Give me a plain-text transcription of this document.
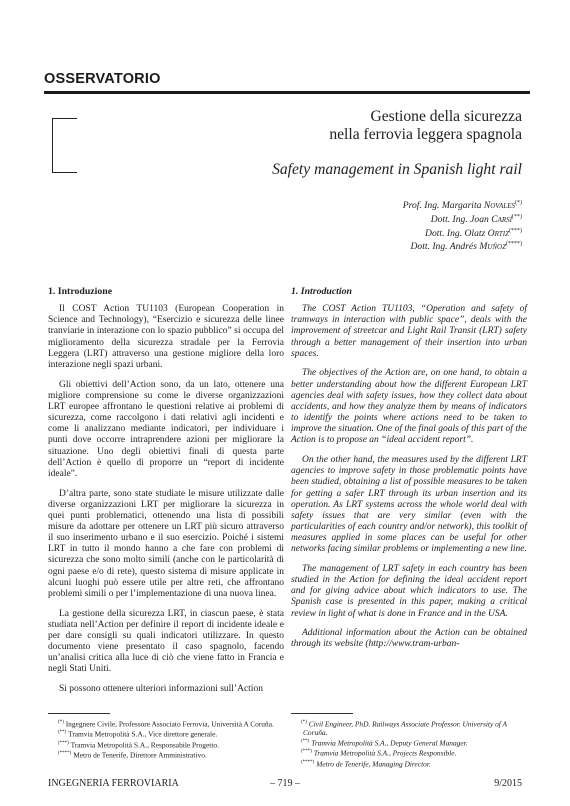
OSSERVATORIO
Gestione della sicurezza
nella ferrovia leggera spagnola
Safety management in Spanish light rail
Prof. Ing. Margarita Novales(*)
Dott. Ing. Joan Carsí(**)
Dott. Ing. Olatz Ortiz(***)
Dott. Ing. Andrés Muñoz(****)
1. Introduzione

Il COST Action TU1103 (European Cooperation in Science and Technology), “Esercizio e sicurezza delle linee tranviarie in interazione con lo spazio pubblico” si occupa del miglioramento della sicurezza stradale per la Ferrovia Leggera (LRT) attraverso una gestione migliore della loro interazione negli spazi urbani.

Gli obiettivi dell’Action sono, da un lato, ottenere una migliore comprensione su come le diverse organizzazioni LRT europee affrontano le questioni relative ai problemi di sicurezza, come raccolgono i dati relativi agli incidenti e come li analizzano mediante indicatori, per individuare i punti dove occorre intraprendere azioni per migliorare la situazione. Uno degli obiettivi finali di questa parte dell’Action è quello di proporre un “report di incidente ideale”.

D’altra parte, sono state studiate le misure utilizzate dalle diverse organizzazioni LRT per migliorare la sicurezza in quei punti problematici, ottenendo una lista di possibili misure da adottare per ottenere un LRT più sicuro attraverso il suo inserimento urbano e il suo esercizio. Poiché i sistemi LRT in tutto il mondo hanno a che fare con problemi di sicurezza che sono molto simili (anche con le particolarità di ogni paese e/o di rete), questo sistema di misure applicate in alcuni luoghi può essere utile per altre reti, che affrontano problemi simili o per l’implementazione di una nuova linea.

La gestione della sicurezza LRT, in ciascun paese, è stata studiata nell’Action per definire il report di incidente ideale e per dare consigli su quali indicatori utilizzare. In questo documento viene presentato il caso spagnolo, facendo un’analisi critica alla luce di ciò che viene fatto in Francia e negli Stati Uniti.

Si possono ottenere ulteriori informazioni sull’Action

1. Introduction

The COST Action TU1103, “Operation and safety of tramways in interaction with public space”, deals with the improvement of streetcar and Light Rail Transit (LRT) safety through a better management of their insertion into urban spaces.

The objectives of the Action are, on one hand, to obtain a better understanding about how the different European LRT agencies deal with safety issues, how they collect data about accidents, and how they analyze them by means of indicators to identify the points where actions need to be taken to improve the situation. One of the final goals of this part of the Action is to propose an “ideal accident report”.

On the other hand, the measures used by the different LRT agencies to improve safety in those problematic points have been studied, obtaining a list of possible measures to be taken for getting a safer LRT through its urban insertion and its operation. As LRT systems across the whole world deal with safety issues that are very similar (even with the particularities of each country and/or network), this toolkit of measures applied in some places can be useful for other networks facing similar problems or implementing a new line.

The management of LRT safety in each country has been studied in the Action for defining the ideal accident report and for giving advice about which indicators to use. The Spanish case is presented in this paper, making a critical review in light of what is done in France and in the USA.

Additional information about the Action can be obtained through its website (http://www.tram-urban-

(*) Ingegnere Civile, Professore Associato Ferrovia, Università A Coruña.
(**) Tramvia Metropolità S.A., Vice direttore generale.
(***) Tramvia Metropolità S.A., Responsabile Progetto.
(****) Metro de Tenerife, Direttore Amministrativo.
(*) Civil Engineer, PhD. Railways Associate Professor. University of A Coruña.
(**) Tramvia Metropolità S.A., Deputy General Manager.
(***) Tramvia Metropolità S.A., Projects Responsible.
(****) Metro de Tenerife, Managing Director.
INGEGNERIA FERROVIARIA	– 719 –	9/2015
